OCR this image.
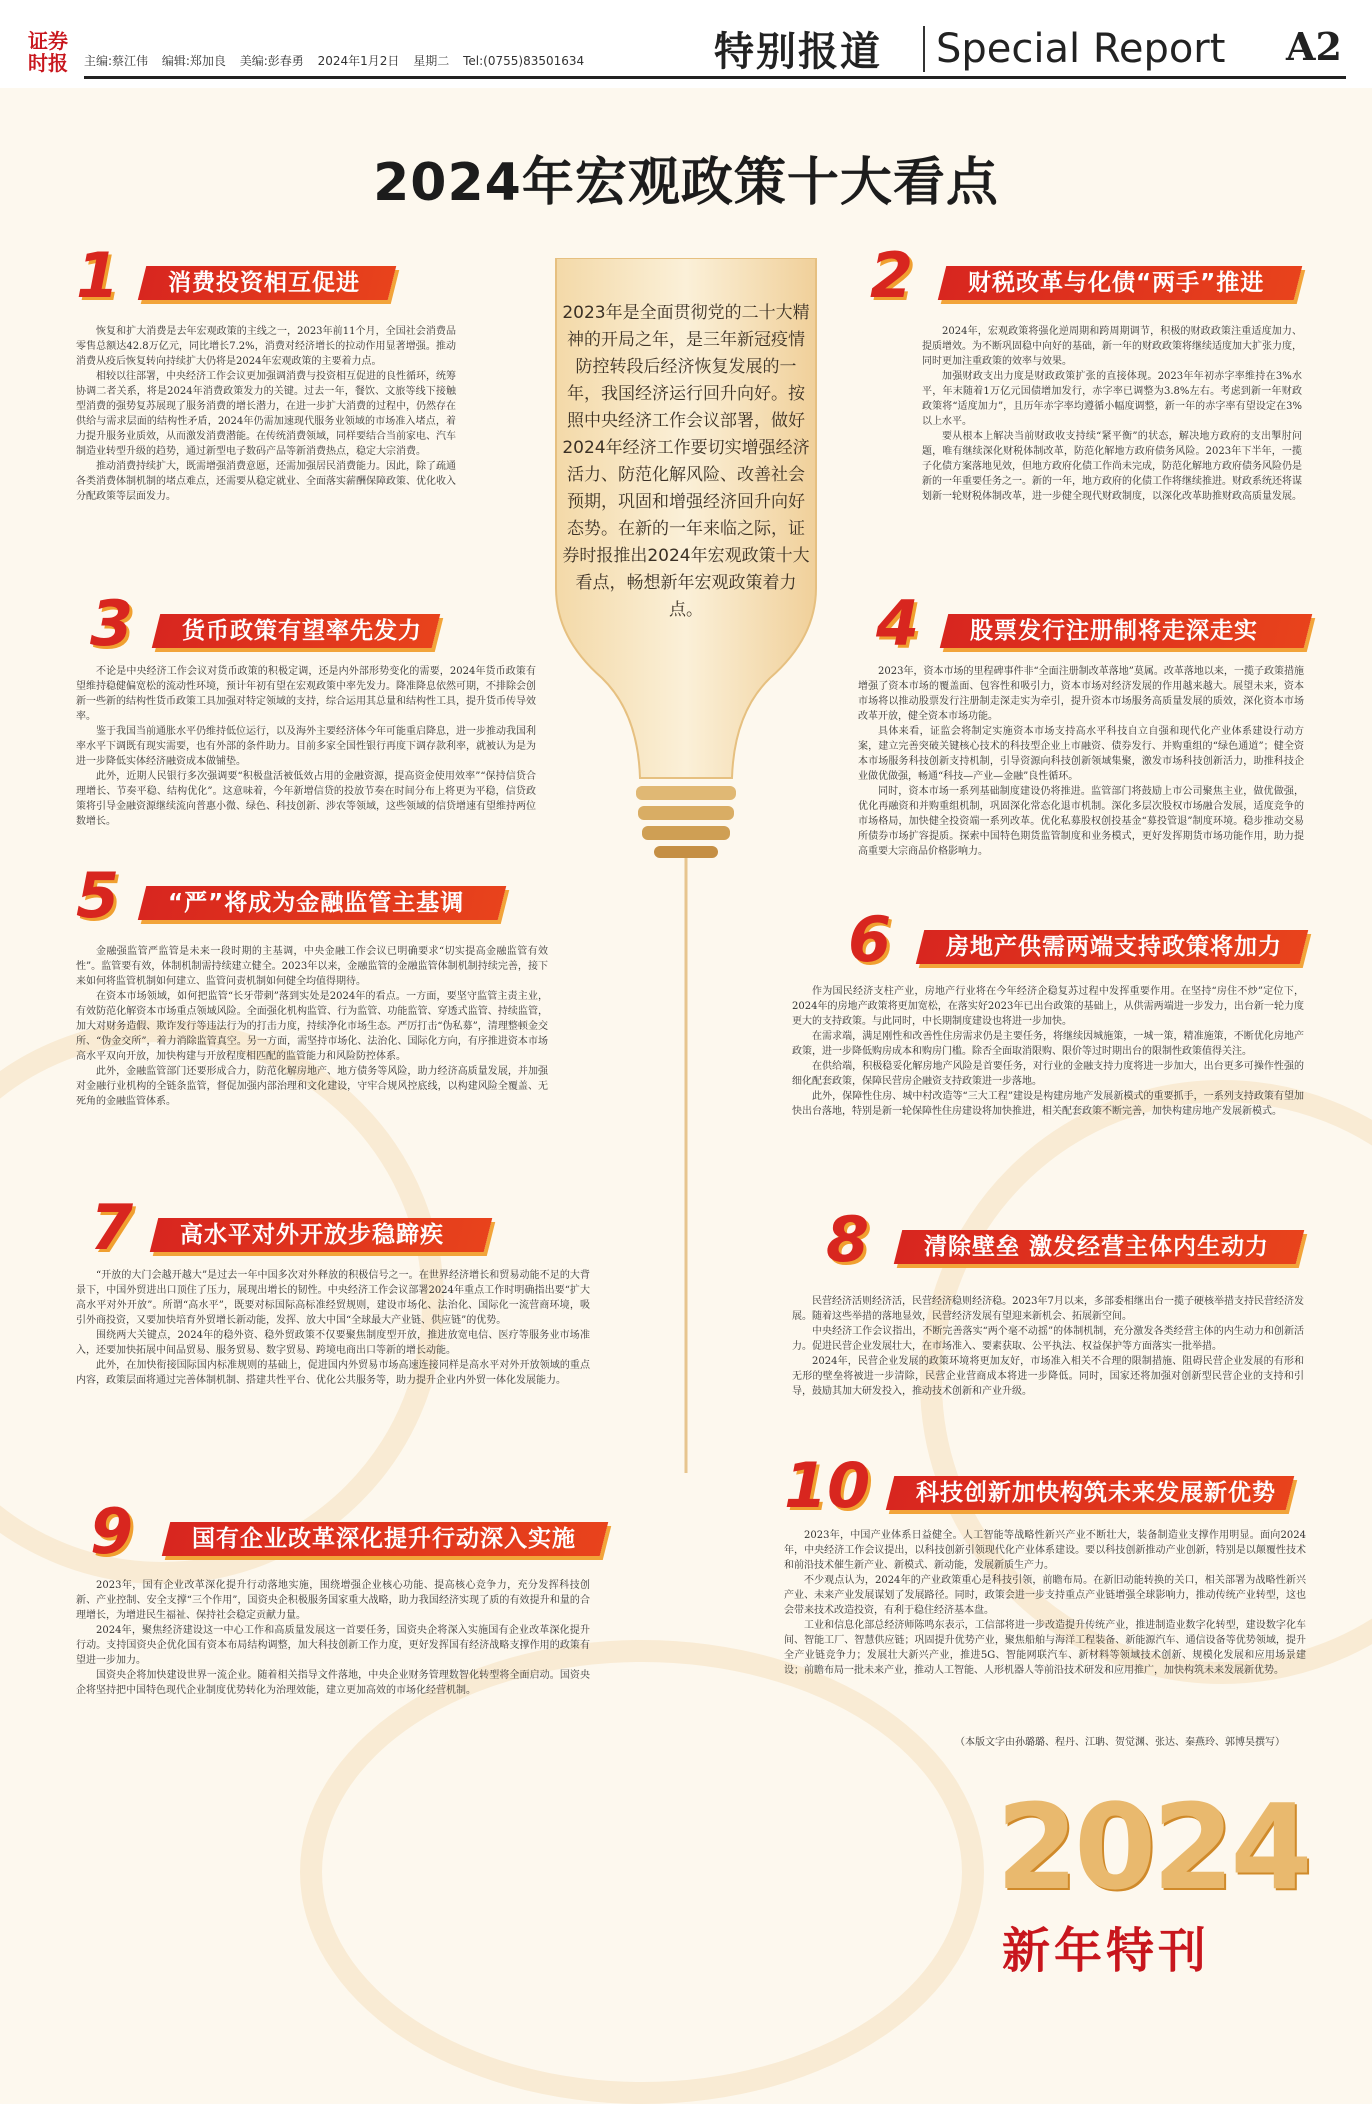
证券时报	主编:蔡江伟 编辑:郑加良 美编:彭春勇 2024年1月2日 星期二 Tel:(0755)83501634	特别报道 Special Report A2
2024年宏观政策十大看点
2023年是全面贯彻党的二十大精神的开局之年，是三年新冠疫情防控转段后经济恢复发展的一年，我国经济运行回升向好。按照中央经济工作会议部署，做好2024年经济工作要切实增强经济活力、防范化解风险、改善社会预期，巩固和增强经济回升向好态势。在新的一年来临之际，证券时报推出2024年宏观政策十大看点，畅想新年宏观政策着力点。
1	消费投资相互促进

恢复和扩大消费是去年宏观政策的主线之一，2023年前11个月，全国社会消费品零售总额达42.8万亿元，同比增长7.2%，消费对经济增长的拉动作用显著增强。推动消费从疫后恢复转向持续扩大仍将是2024年宏观政策的主要着力点。

相较以往部署，中央经济工作会议更加强调消费与投资相互促进的良性循环，统筹协调二者关系，将是2024年消费政策发力的关键。过去一年，餐饮、文旅等线下接触型消费的强势复苏展现了服务消费的增长潜力，在进一步扩大消费的过程中，仍然存在供给与需求层面的结构性矛盾，2024年仍需加速现代服务业领域的市场准入堵点，着力提升服务业质效，从而激发消费潜能。在传统消费领域，同样要结合当前家电、汽车制造业转型升级的趋势，通过新型电子数码产品等新消费热点，稳定大宗消费。

推动消费持续扩大，既需增强消费意愿，还需加强居民消费能力。因此，除了疏通各类消费体制机制的堵点难点，还需要从稳定就业、全面落实薪酬保障政策、优化收入分配政策等层面发力。

2	财税改革与化债“两手”推进

2024年，宏观政策将强化逆周期和跨周期调节，积极的财政政策注重适度加力、提质增效。为不断巩固稳中向好的基础，新一年的财政政策将继续适度加大扩张力度，同时更加注重政策的效率与效果。

加强财政支出力度是财政政策扩张的直接体现。2023年年初赤字率维持在3%水平，年末随着1万亿元国债增加发行，赤字率已调整为3.8%左右。考虑到新一年财政政策将“适度加力”，且历年赤字率均遵循小幅度调整，新一年的赤字率有望设定在3%以上水平。

要从根本上解决当前财政收支持续“紧平衡”的状态，解决地方政府的支出掣肘问题，唯有继续深化财税体制改革，防范化解地方政府债务风险。2023年下半年，一揽子化债方案落地见效，但地方政府化债工作尚未完成，防范化解地方政府债务风险仍是新的一年重要任务之一。新的一年，地方政府的化债工作将继续推进。财政系统还将谋划新一轮财税体制改革，进一步健全现代财政制度，以深化改革助推财政高质量发展。

3	货币政策有望率先发力

不论是中央经济工作会议对货币政策的积极定调，还是内外部形势变化的需要，2024年货币政策有望维持稳健偏宽松的流动性环境，预计年初有望在宏观政策中率先发力。降准降息依然可期，不排除会创新一些新的结构性货币政策工具加强对特定领域的支持，综合运用其总量和结构性工具，提升货币传导效率。

鉴于我国当前通胀水平仍维持低位运行，以及海外主要经济体今年可能重启降息，进一步推动我国利率水平下调既有现实需要，也有外部的条件助力。目前多家全国性银行再度下调存款利率，就被认为是为进一步降低实体经济融资成本做铺垫。

此外，近期人民银行多次强调要“积极盘活被低效占用的金融资源，提高资金使用效率”“保持信贷合理增长、节奏平稳、结构优化”。这意味着，今年新增信贷的投放节奏在时间分布上将更为平稳，信贷政策将引导金融资源继续流向普惠小微、绿色、科技创新、涉农等领域，这些领域的信贷增速有望维持两位数增长。

4	股票发行注册制将走深走实

2023年，资本市场的里程碑事件非“全面注册制改革落地”莫属。改革落地以来，一揽子政策措施增强了资本市场的覆盖面、包容性和吸引力，资本市场对经济发展的作用越来越大。展望未来，资本市场将以推动股票发行注册制走深走实为牵引，提升资本市场服务高质量发展的质效，深化资本市场改革开放，健全资本市场功能。

具体来看，证监会将制定实施资本市场支持高水平科技自立自强和现代化产业体系建设行动方案，建立完善突破关键核心技术的科技型企业上市融资、债券发行、并购重组的“绿色通道”；健全资本市场服务科技创新支持机制，引导资源向科技创新领域集聚，激发市场科技创新活力，助推科技企业做优做强，畅通“科技—产业—金融”良性循环。

同时，资本市场一系列基础制度建设仍将推进。监管部门将鼓励上市公司聚焦主业，做优做强，优化再融资和并购重组机制，巩固深化常态化退市机制。深化多层次股权市场融合发展，适度竞争的市场格局，加快健全投资端一系列改革。优化私募股权创投基金“募投管退”制度环境。稳步推动交易所债券市场扩容提质。探索中国特色期货监管制度和业务模式，更好发挥期货市场功能作用，助力提高重要大宗商品价格影响力。

5	“严”将成为金融监管主基调

金融强监管严监管是未来一段时期的主基调，中央金融工作会议已明确要求“切实提高金融监管有效性”。监管要有效，体制机制需持续建立健全。2023年以来，金融监管的金融监管体制机制持续完善，接下来如何将监管机制如何建立、监管问责机制如何健全均值得期待。

在资本市场领域，如何把监管“长牙带刺”落到实处是2024年的看点。一方面，要坚守监管主责主业，有效防范化解资本市场重点领域风险。全面强化机构监管、行为监管、功能监管、穿透式监管、持续监管，加大对财务造假、欺诈发行等违法行为的打击力度，持续净化市场生态。严厉打击“伪私募”，清理整顿金交所、“伪金交所”，着力消除监管真空。另一方面，需坚持市场化、法治化、国际化方向，有序推进资本市场高水平双向开放，加快构建与开放程度相匹配的监管能力和风险防控体系。

此外，金融监管部门还要形成合力，防范化解房地产、地方债务等风险，助力经济高质量发展，并加强对金融行业机构的全链条监管，督促加强内部治理和文化建设，守牢合规风控底线，以构建风险全覆盖、无死角的金融监管体系。

6	房地产供需两端支持政策将加力

作为国民经济支柱产业，房地产行业将在今年经济企稳复苏过程中发挥重要作用。在坚持“房住不炒”定位下，2024年的房地产政策将更加宽松，在落实好2023年已出台政策的基础上，从供需两端进一步发力，出台新一轮力度更大的支持政策。与此同时，中长期制度建设也将进一步加快。

在需求端，满足刚性和改善性住房需求仍是主要任务，将继续因城施策，一城一策，精准施策，不断优化房地产政策，进一步降低购房成本和购房门槛。除否全面取消限购、限价等过时期出台的限制性政策值得关注。

在供给端，积极稳妥化解房地产风险是首要任务，对行业的金融支持力度将进一步加大，出台更多可操作性强的细化配套政策，保障民营房企融资支持政策进一步落地。

此外，保障性住房、城中村改造等“三大工程”建设是构建房地产发展新模式的重要抓手，一系列支持政策有望加快出台落地，特别是新一轮保障性住房建设将加快推进，相关配套政策不断完善，加快构建房地产发展新模式。

7	高水平对外开放步稳蹄疾

“开放的大门会越开越大”是过去一年中国多次对外释放的积极信号之一。在世界经济增长和贸易动能不足的大背景下，中国外贸进出口顶住了压力，展现出增长的韧性。中央经济工作会议部署2024年重点工作时明确指出要“扩大高水平对外开放”。所谓“高水平”，既要对标国际高标准经贸规则，建设市场化、法治化、国际化一流营商环境，吸引外商投资，又要加快培育外贸增长新动能，发挥、放大中国“全球最大产业链、供应链”的优势。

围绕两大关键点，2024年的稳外资、稳外贸政策不仅要聚焦制度型开放，推进放宽电信、医疗等服务业市场准入，还要加快拓展中间品贸易、服务贸易、数字贸易、跨境电商出口等新的增长动能。

此外，在加快衔接国际国内标准规则的基础上，促进国内外贸易市场高速连接同样是高水平对外开放领域的重点内容，政策层面将通过完善体制机制、搭建共性平台、优化公共服务等，助力提升企业内外贸一体化发展能力。

8	清除壁垒 激发经营主体内生动力

民营经济活则经济活，民营经济稳则经济稳。2023年7月以来，多部委相继出台一揽子硬核举措支持民营经济发展。随着这些举措的落地显效，民营经济发展有望迎来新机会、拓展新空间。

中央经济工作会议指出，不断完善落实“两个毫不动摇”的体制机制，充分激发各类经营主体的内生动力和创新活力。促进民营企业发展壮大，在市场准入、要素获取、公平执法、权益保护等方面落实一批举措。

2024年，民营企业发展的政策环境将更加友好，市场准入相关不合理的限制措施、阻碍民营企业发展的有形和无形的壁垒将被进一步清除，民营企业营商成本将进一步降低。同时，国家还将加强对创新型民营企业的支持和引导，鼓励其加大研发投入，推动技术创新和产业升级。

9	国有企业改革深化提升行动深入实施

2023年，国有企业改革深化提升行动落地实施，围绕增强企业核心功能、提高核心竞争力，充分发挥科技创新、产业控制、安全支撑“三个作用”，国资央企积极服务国家重大战略，助力我国经济实现了质的有效提升和量的合理增长，为增进民生福祉、保持社会稳定贡献力量。

2024年，聚焦经济建设这一中心工作和高质量发展这一首要任务，国资央企将深入实施国有企业改革深化提升行动。支持国资央企优化国有资本布局结构调整，加大科技创新工作力度，更好发挥国有经济战略支撑作用的政策有望进一步加力。

国资央企将加快建设世界一流企业。随着相关指导文件落地，中央企业财务管理数智化转型将全面启动。国资央企将坚持把中国特色现代企业制度优势转化为治理效能，建立更加高效的市场化经营机制。

10	科技创新加快构筑未来发展新优势

2023年，中国产业体系日益健全。人工智能等战略性新兴产业不断壮大，装备制造业支撑作用明显。面向2024年，中央经济工作会议提出，以科技创新引领现代化产业体系建设。要以科技创新推动产业创新，特别是以颠覆性技术和前沿技术催生新产业、新模式、新动能，发展新质生产力。

不少观点认为，2024年的产业政策重心是科技引领，前瞻布局。在新旧动能转换的关口，相关部署为战略性新兴产业、未来产业发展谋划了发展路径。同时，政策会进一步支持重点产业链增强全球影响力，推动传统产业转型，这也会带来技术改造投资，有利于稳住经济基本盘。

工业和信息化部总经济师陈鸣东表示，工信部将进一步改造提升传统产业，推进制造业数字化转型，建设数字化车间、智能工厂、智慧供应链；巩固提升优势产业，聚焦船舶与海洋工程装备、新能源汽车、通信设备等优势领域，提升全产业链竞争力；发展壮大新兴产业，推进5G、智能网联汽车、新材料等领域技术创新、规模化发展和应用场景建设；前瞻布局一批未来产业，推动人工智能、人形机器人等前沿技术研发和应用推广，加快构筑未来发展新优势。

（本版文字由孙璐璐、程丹、江聃、贺觉渊、张达、秦燕玲、郭博昊撰写）
2024
新年特刊
